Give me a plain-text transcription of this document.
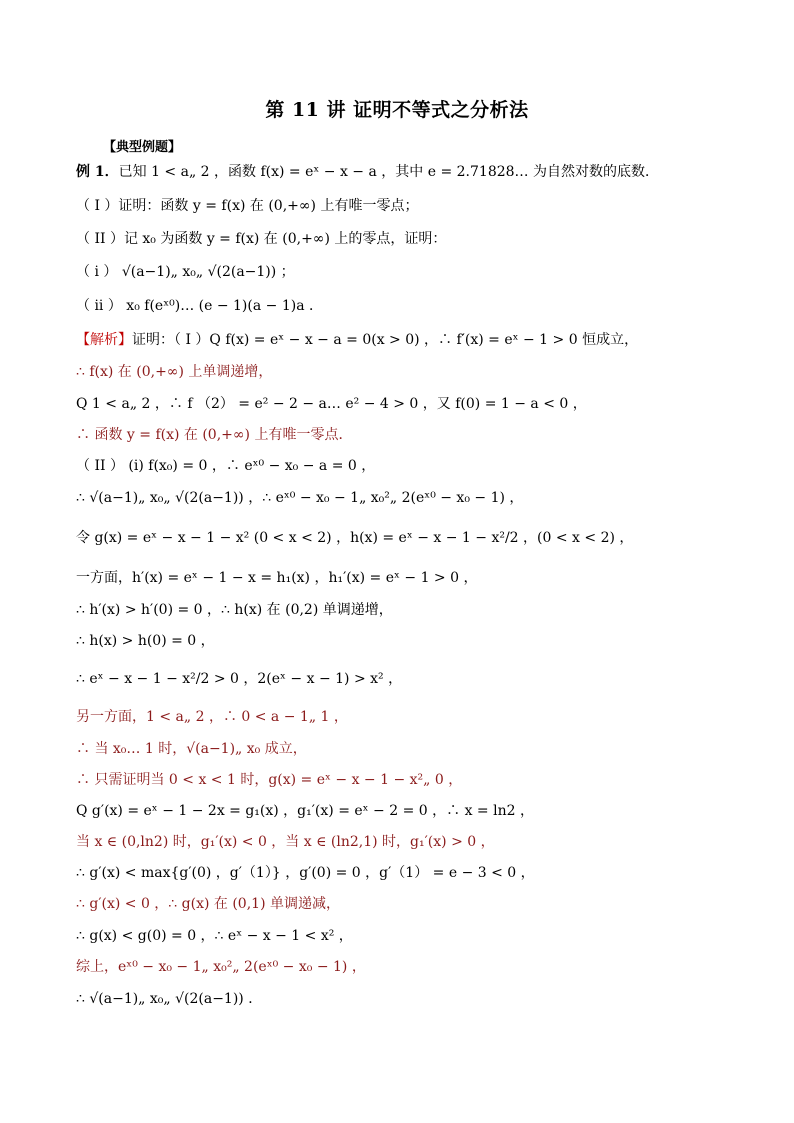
第 11 讲 证明不等式之分析法
【典型例题】
例 1．已知 1 < a„ 2 ，函数 f(x) = eˣ − x − a ，其中 e = 2.71828… 为自然对数的底数．
（ I ）证明：函数 y = f(x) 在 (0,+∞) 上有唯一零点；
（ II ）记 x₀ 为函数 y = f(x) 在 (0,+∞) 上的零点，证明：
（ i ） √(a−1)„ x₀„ √(2(a−1)) ；
（ ii ） x₀ f(eˣ⁰)… (e − 1)(a − 1)a ．
【解析】证明：（ I ）Q f(x) = eˣ − x − a = 0(x > 0) ，∴ f′(x) = eˣ − 1 > 0 恒成立，
∴ f(x) 在 (0,+∞) 上单调递增，
Q 1 < a„ 2 ，∴ f （2） = e² − 2 − a… e² − 4 > 0 ，又 f(0) = 1 − a < 0 ，
∴ 函数 y = f(x) 在 (0,+∞) 上有唯一零点．
（ II ） (i) f(x₀) = 0 ，∴ eˣ⁰ − x₀ − a = 0 ，
∴ √(a−1)„ x₀„ √(2(a−1)) ，∴ eˣ⁰ − x₀ − 1„ x₀²„ 2(eˣ⁰ − x₀ − 1) ，
令 g(x) = eˣ − x − 1 − x² (0 < x < 2) ，h(x) = eˣ − x − 1 − x²/2 ，(0 < x < 2) ，
一方面，h′(x) = eˣ − 1 − x = h₁(x) ，h₁′(x) = eˣ − 1 > 0 ，
∴ h′(x) > h′(0) = 0 ，∴ h(x) 在 (0,2) 单调递增，
∴ h(x) > h(0) = 0 ，
∴ eˣ − x − 1 − x²/2 > 0 ，2(eˣ − x − 1) > x² ，
另一方面，1 < a„ 2 ，∴ 0 < a − 1„ 1 ，
∴ 当 x₀… 1 时，√(a−1)„ x₀ 成立，
∴ 只需证明当 0 < x < 1 时，g(x) = eˣ − x − 1 − x²„ 0 ，
Q g′(x) = eˣ − 1 − 2x = g₁(x) ，g₁′(x) = eˣ − 2 = 0 ，∴ x = ln2 ，
当 x ∈ (0,ln2) 时，g₁′(x) < 0 ，当 x ∈ (ln2,1) 时，g₁′(x) > 0 ，
∴ g′(x) < max{g′(0) ，g′（1）} ，g′(0) = 0 ，g′（1） = e − 3 < 0 ，
∴ g′(x) < 0 ，∴ g(x) 在 (0,1) 单调递减，
∴ g(x) < g(0) = 0 ，∴ eˣ − x − 1 < x² ，
综上，eˣ⁰ − x₀ − 1„ x₀²„ 2(eˣ⁰ − x₀ − 1) ，
∴ √(a−1)„ x₀„ √(2(a−1)) ．
